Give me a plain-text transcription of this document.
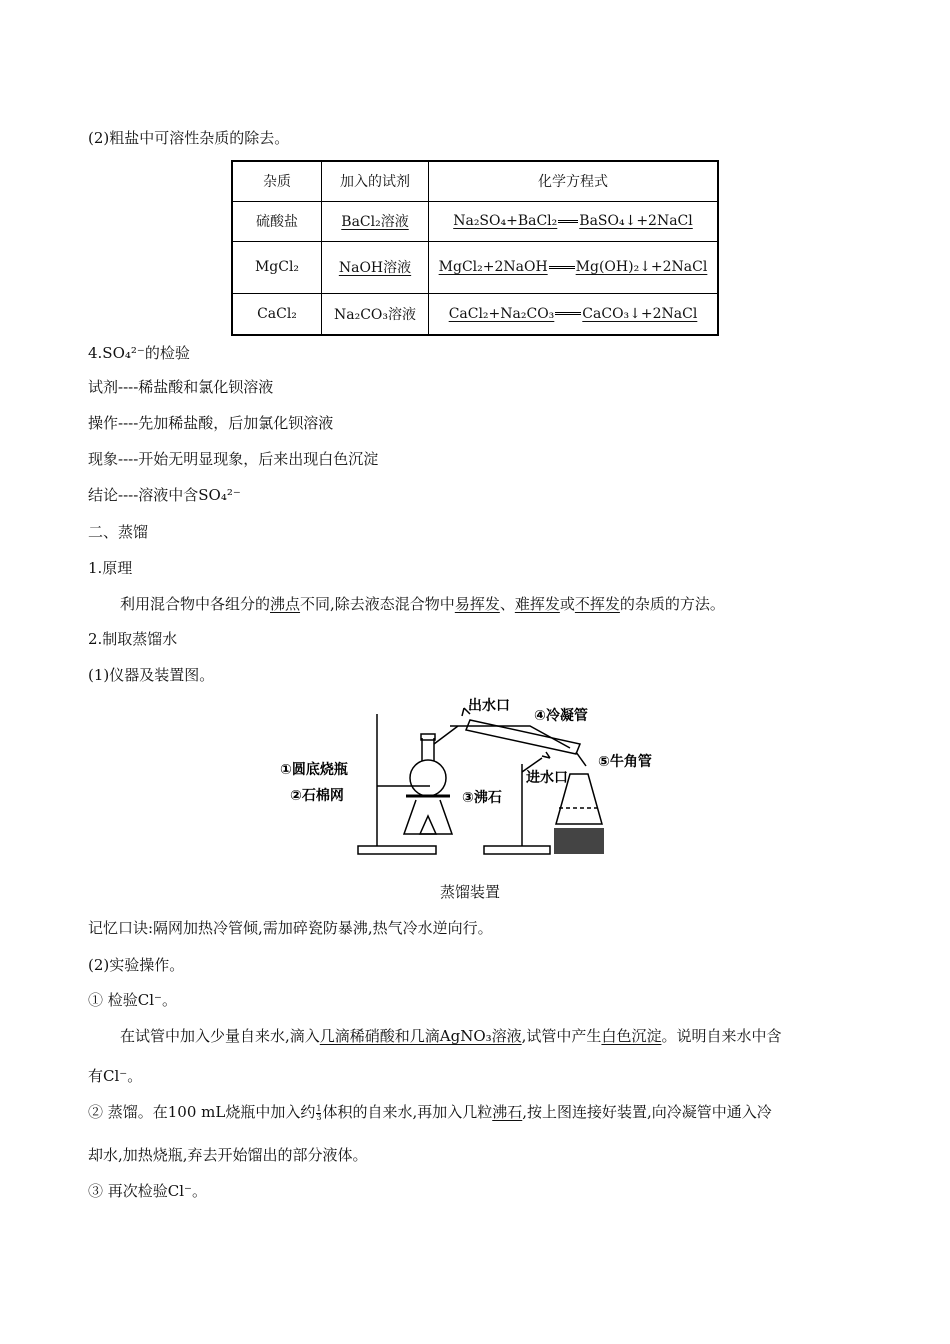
(2)粗盐中可溶性杂质的除去。
杂质	加入的试剂	化学方程式
硫酸盐	BaCl₂溶液	Na₂SO₄+BaCl₂ BaSO₄↓+2NaCl
MgCl₂	NaOH溶液	MgCl₂+2NaOH Mg(OH)₂↓+2NaCl
CaCl₂	Na₂CO₃溶液	CaCl₂+Na₂CO₃ CaCO₃↓+2NaCl
4.SO₄²⁻的检验
试剂----稀盐酸和氯化钡溶液
操作----先加稀盐酸，后加氯化钡溶液
现象----开始无明显现象，后来出现白色沉淀
结论----溶液中含SO₄²⁻
二、蒸馏
1.原理
利用混合物中各组分的沸点不同,除去液态混合物中易挥发、难挥发或不挥发的杂质的方法。
2.制取蒸馏水
(1)仪器及装置图。
出水口
④冷凝管
①圆底烧瓶
②石棉网	③沸石
进水口
⑤牛角管
蒸馏装置
记忆口诀:隔网加热冷管倾,需加碎瓷防暴沸,热气冷水逆向行。
(2)实验操作。
① 检验Cl⁻。
在试管中加入少量自来水,滴入几滴稀硝酸和几滴AgNO₃溶液,试管中产生白色沉淀。说明自来水中含
有Cl⁻。
② 蒸馏。在100 mL烧瓶中加入约 $\frac{1}{3}$ 体积的自来水,再加入几粒沸石,按上图连接好装置,向冷凝管中通入冷
却水,加热烧瓶,弃去开始馏出的部分液体。
③ 再次检验Cl⁻。
